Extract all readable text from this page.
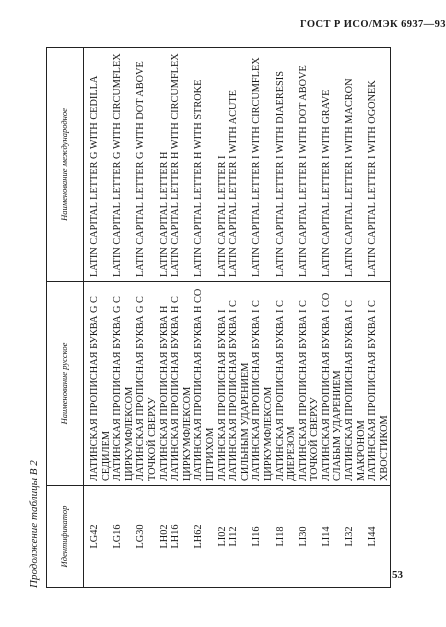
ГОСТ Р ИСО/МЭК 6937—93
Продолжение таблицы В 2 Идентификатор	Наименование русское	Наименование международное
LG42	ЛАТИНСКАЯ ПРОПИСНАЯ БУКВА G С СЕДИЛЕМ	LATIN CAPITAL LETTER G WITH CEDILLA
LG16	ЛАТИНСКАЯ ПРОПИСНАЯ БУКВА G С ЦИРКУМФЛЕКСОМ	LATIN CAPITAL LETTER G WITH CIRCUMFLEX
LG30	ЛАТИНСКАЯ ПРОПИСНАЯ БУКВА G С ТОЧКОЙ СВЕРХУ	LATIN CAPITAL LETTER G WITH DOT ABOVE
LH02	ЛАТИНСКАЯ ПРОПИСНАЯ БУКВА H	LATIN CAPITAL LETTER H
LH16	ЛАТИНСКАЯ ПРОПИСНАЯ БУКВА H С ЦИРКУМФЛЕКСОМ	LATIN CAPITAL LETTER H WITH CIRCUMFLEX
LH62	ЛАТИНСКАЯ ПРОПИСНАЯ БУКВА H СО ШТРИХОМ	LATIN CAPITAL LETTER H WITH STROKE
LI02	ЛАТИНСКАЯ ПРОПИСНАЯ БУКВА I	LATIN CAPITAL LETTER I
LI12	ЛАТИНСКАЯ ПРОПИСНАЯ БУКВА I С СИЛЬНЫМ УДАРЕНИЕМ	LATIN CAPITAL LETTER I WITH ACUTE
LI16	ЛАТИНСКАЯ ПРОПИСНАЯ БУКВА I С ЦИРКУМФЛЕКСОМ	LATIN CAPITAL LETTER I WITH CIRCUMFLEX
LI18	ЛАТИНСКАЯ ПРОПИСНАЯ БУКВА I С ДИЕРЕЗОМ	LATIN CAPITAL LETTER I WITH DIAERESIS
LI30	ЛАТИНСКАЯ ПРОПИСНАЯ БУКВА I С ТОЧКОЙ СВЕРХУ	LATIN CAPITAL LETTER I WITH DOT ABOVE
LI14	ЛАТИНСКАЯ ПРОПИСНАЯ БУКВА I СО СЛАБЫМ УДАРЕНИЕМ	LATIN CAPITAL LETTER I WITH GRAVE
LI32	ЛАТИНСКАЯ ПРОПИСНАЯ БУКВА I С МАКРОНОМ	LATIN CAPITAL LETTER I WITH MACRON
LI44	ЛАТИНСКАЯ ПРОПИСНАЯ БУКВА I С ХВОСТИКОМ	LATIN CAPITAL LETTER I WITH OGONEK
53
